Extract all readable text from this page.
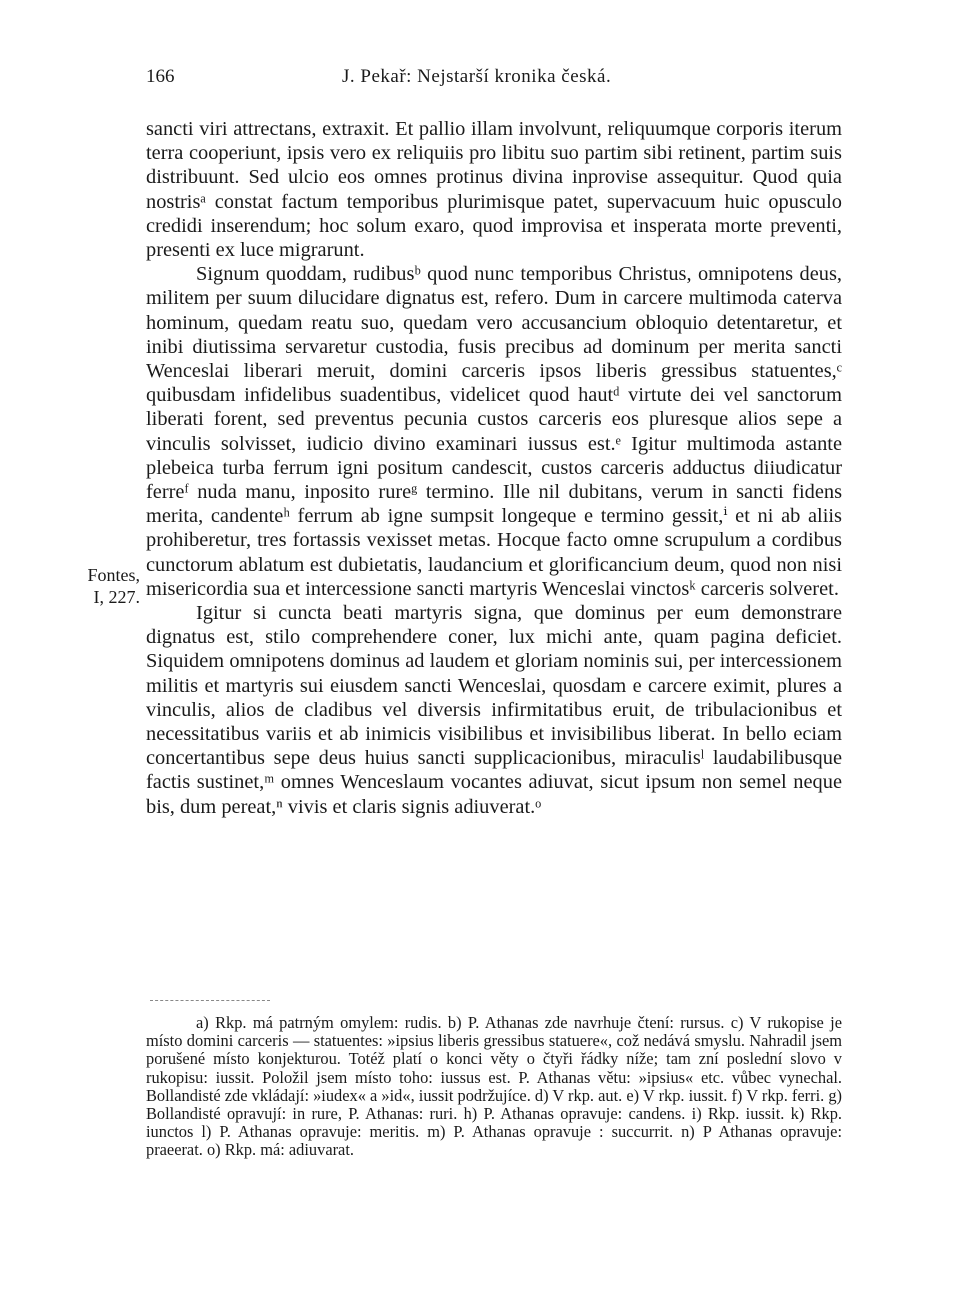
166	J. Pekař: Nejstarší kronika česká.
Fontes,
I, 227.

sancti viri attrectans, extraxit. Et pallio illam involvunt, reliquumque corporis iterum terra cooperiunt, ipsis vero ex reliquiis pro libitu suo partim sibi retinent, partim suis distribuunt. Sed ulcio eos omnes protinus divina inprovise assequitur. Quod quia nostrisᵃ constat factum temporibus plurimisque patet, supervacuum huic opusculo credidi inserendum; hoc solum exaro, quod improvisa et insperata morte preventi, presenti ex luce migrarunt.

Signum quoddam, rudibusᵇ quod nunc temporibus Christus, omnipotens deus, militem per suum dilucidare dignatus est, refero. Dum in carcere multimoda caterva hominum, quedam reatu suo, quedam vero accusancium obloquio detentaretur, et inibi diutissima servaretur custodia, fusis precibus ad dominum per merita sancti Wenceslai liberari meruit, domini carceris ipsos liberis gressibus statuentes,ᶜ quibusdam infidelibus suadentibus, videlicet quod hautᵈ virtute dei vel sanctorum liberati forent, sed preventus pecunia custos carceris eos pluresque alios sepe a vinculis solvisset, iudicio divino examinari iussus est.ᵉ Igitur multimoda astante plebeica turba ferrum igni positum candescit, custos carceris adductus diiudicatur ferreᶠ nuda manu, inposito rureᵍ termino. Ille nil dubitans, verum in sancti fidens merita, candenteʰ ferrum ab igne sumpsit longeque e termino gessit,ⁱ et ni ab aliis prohiberetur, tres fortassis vexisset metas. Hocque facto omne scrupulum a cordibus cunctorum ablatum est dubietatis, laudancium et glorificancium deum, quod non nisi misericordia sua et intercessione sancti martyris Wenceslai vinctosᵏ carceris solveret.

Igitur si cuncta beati martyris signa, que dominus per eum demonstrare dignatus est, stilo comprehendere coner, lux michi ante, quam pagina deficiet. Siquidem omnipotens dominus ad laudem et gloriam nominis sui, per intercessionem militis et martyris sui eiusdem sancti Wenceslai, quosdam e carcere eximit, plures a vinculis, alios de cladibus vel diversis infirmitatibus eruit, de tribulacionibus et necessitatibus variis et ab inimicis visibilibus et invisibilibus liberat. In bello eciam concertantibus sepe deus huius sancti supplicacionibus, miraculisˡ laudabilibusque factis sustinet,ᵐ omnes Wenceslaum vocantes adiuvat, sicut ipsum non semel neque bis, dum pereat,ⁿ vivis et claris signis adiuverat.ᵒ

a) Rkp. má patrným omylem: rudis. b) P. Athanas zde navrhuje čtení: rursus. c) V rukopise je místo domini carceris — statuentes: »ipsius liberis gressibus statuere«, což nedává smyslu. Nahradil jsem porušené místo konjekturou. Totéž platí o konci věty o čtyři řádky níže; tam zní poslední slovo v rukopisu: iussit. Položil jsem místo toho: iussus est. P. Athanas větu: »ipsius« etc. vůbec vynechal. Bollandisté zde vkládají: »iudex« a »id«, iussit podržujíce. d) V rkp. aut. e) V rkp. iussit. f) V rkp. ferri. g) Bollandisté opravují: in rure, P. Athanas: ruri. h) P. Athanas opravuje: candens. i) Rkp. iussit. k) Rkp. iunctos l) P. Athanas opravuje: meritis. m) P. Athanas opravuje : succurrit. n) P Athanas opravuje: praeerat. o) Rkp. má: adiuvarat.
